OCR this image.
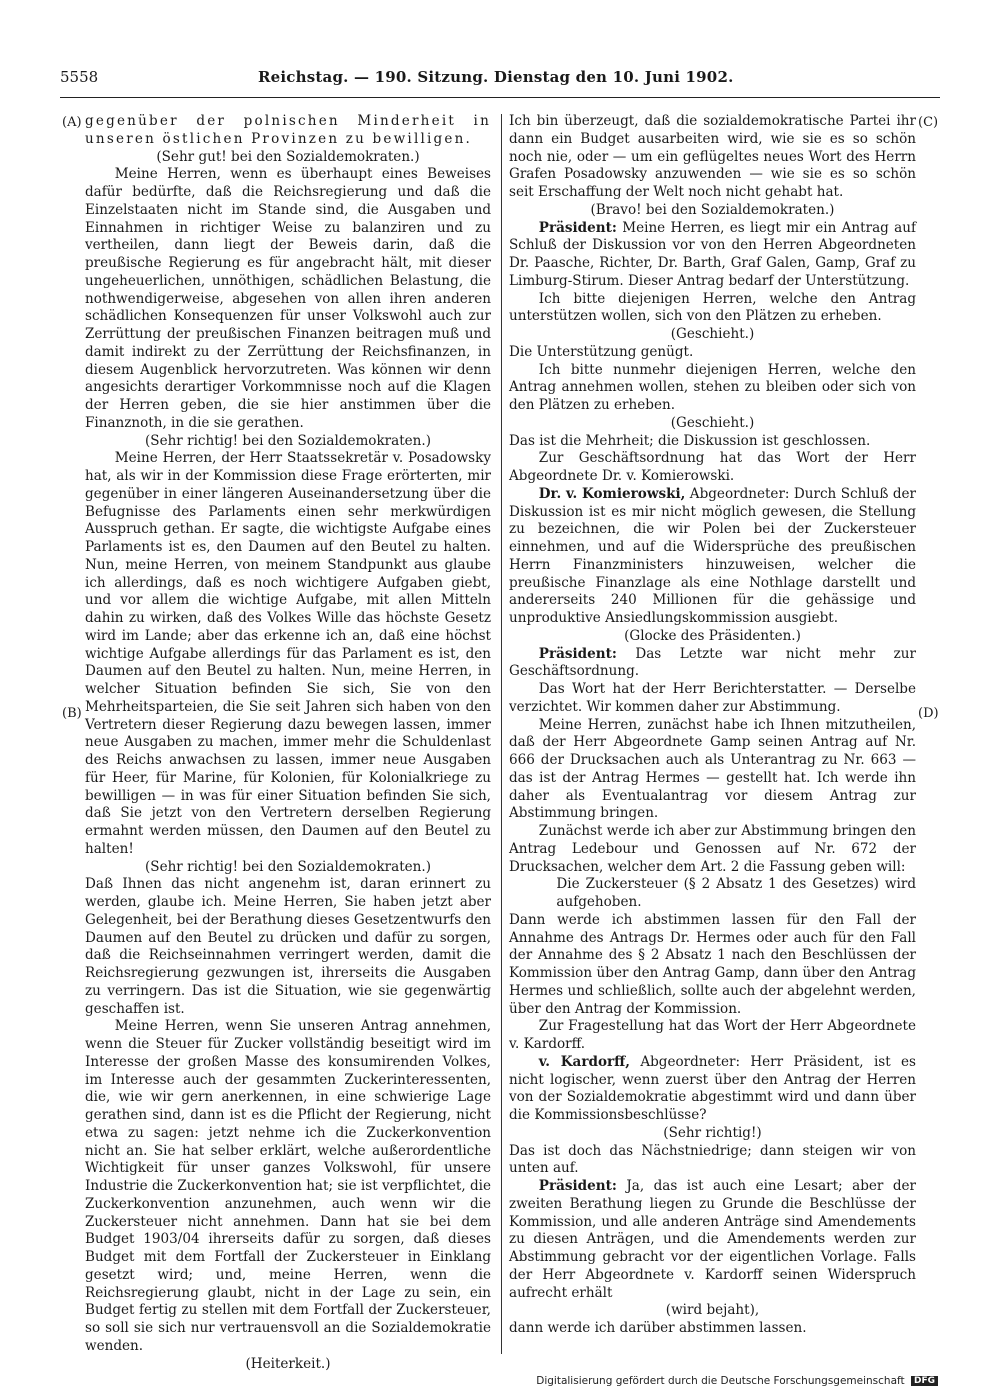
5558	Reichstag. — 190. Sitzung. Dienstag den 10. Juni 1902.
(A)
(B)
(C)
(D)

gegenüber der polnischen Minderheit in unseren östlichen Provinzen zu bewilligen.

(Sehr gut! bei den Sozialdemokraten.)

Meine Herren, wenn es überhaupt eines Beweises dafür bedürfte, daß die Reichsregierung und daß die Einzelstaaten nicht im Stande sind, die Ausgaben und Einnahmen in richtiger Weise zu balanziren und zu vertheilen, dann liegt der Beweis darin, daß die preußische Regierung es für angebracht hält, mit dieser ungeheuerlichen, unnöthigen, schädlichen Belastung, die nothwendigerweise, abgesehen von allen ihren anderen schädlichen Konsequenzen für unser Volkswohl auch zur Zerrüttung der preußischen Finanzen beitragen muß und damit indirekt zu der Zerrüttung der Reichsfinanzen, in diesem Augenblick hervorzutreten. Was können wir denn angesichts derartiger Vorkommnisse noch auf die Klagen der Herren geben, die sie hier anstimmen über die Finanznoth, in die sie gerathen.

(Sehr richtig! bei den Sozialdemokraten.)

Meine Herren, der Herr Staatssekretär v. Posadowsky hat, als wir in der Kommission diese Frage erörterten, mir gegenüber in einer längeren Auseinandersetzung über die Befugnisse des Parlaments einen sehr merkwürdigen Ausspruch gethan. Er sagte, die wichtigste Aufgabe eines Parlaments ist es, den Daumen auf den Beutel zu halten. Nun, meine Herren, von meinem Standpunkt aus glaube ich allerdings, daß es noch wichtigere Aufgaben giebt, und vor allem die wichtige Aufgabe, mit allen Mitteln dahin zu wirken, daß des Volkes Wille das höchste Gesetz wird im Lande; aber das erkenne ich an, daß eine höchst wichtige Aufgabe allerdings für das Parlament es ist, den Daumen auf den Beutel zu halten. Nun, meine Herren, in welcher Situation befinden Sie sich, Sie von den Mehrheitsparteien, die Sie seit Jahren sich haben von den Vertretern dieser Regierung dazu bewegen lassen, immer neue Ausgaben zu machen, immer mehr die Schuldenlast des Reichs anwachsen zu lassen, immer neue Ausgaben für Heer, für Marine, für Kolonien, für Kolonialkriege zu bewilligen — in was für einer Situation befinden Sie sich, daß Sie jetzt von den Vertretern derselben Regierung ermahnt werden müssen, den Daumen auf den Beutel zu halten!

(Sehr richtig! bei den Sozialdemokraten.)

Daß Ihnen das nicht angenehm ist, daran erinnert zu werden, glaube ich. Meine Herren, Sie haben jetzt aber Gelegenheit, bei der Berathung dieses Gesetzentwurfs den Daumen auf den Beutel zu drücken und dafür zu sorgen, daß die Reichseinnahmen verringert werden, damit die Reichsregierung gezwungen ist, ihrerseits die Ausgaben zu verringern. Das ist die Situation, wie sie gegenwärtig geschaffen ist.

Meine Herren, wenn Sie unseren Antrag annehmen, wenn die Steuer für Zucker vollständig beseitigt wird im Interesse der großen Masse des konsumirenden Volkes, im Interesse auch der gesammten Zuckerinteressenten, die, wie wir gern anerkennen, in eine schwierige Lage gerathen sind, dann ist es die Pflicht der Regierung, nicht etwa zu sagen: jetzt nehme ich die Zuckerkonvention nicht an. Sie hat selber erklärt, welche außerordentliche Wichtigkeit für unser ganzes Volkswohl, für unsere Industrie die Zuckerkonvention hat; sie ist verpflichtet, die Zuckerkonvention anzunehmen, auch wenn wir die Zuckersteuer nicht annehmen. Dann hat sie bei dem Budget 1903/04 ihrerseits dafür zu sorgen, daß dieses Budget mit dem Fortfall der Zuckersteuer in Einklang gesetzt wird; und, meine Herren, wenn die Reichsregierung glaubt, nicht in der Lage zu sein, ein Budget fertig zu stellen mit dem Fortfall der Zuckersteuer, so soll sie sich nur vertrauensvoll an die Sozialdemokratie wenden.

(Heiterkeit.)

Ich bin überzeugt, daß die sozialdemokratische Partei ihr dann ein Budget ausarbeiten wird, wie sie es so schön noch nie, oder — um ein geflügeltes neues Wort des Herrn Grafen Posadowsky anzuwenden — wie sie es so schön seit Erschaffung der Welt noch nicht gehabt hat.

(Bravo! bei den Sozialdemokraten.)

Präsident: Meine Herren, es liegt mir ein Antrag auf Schluß der Diskussion vor von den Herren Abgeordneten Dr. Paasche, Richter, Dr. Barth, Graf Galen, Gamp, Graf zu Limburg-Stirum. Dieser Antrag bedarf der Unterstützung.

Ich bitte diejenigen Herren, welche den Antrag unterstützen wollen, sich von den Plätzen zu erheben.

(Geschieht.)

Die Unterstützung genügt.

Ich bitte nunmehr diejenigen Herren, welche den Antrag annehmen wollen, stehen zu bleiben oder sich von den Plätzen zu erheben.

(Geschieht.)

Das ist die Mehrheit; die Diskussion ist geschlossen.

Zur Geschäftsordnung hat das Wort der Herr Abgeordnete Dr. v. Komierowski.

Dr. v. Komierowski, Abgeordneter: Durch Schluß der Diskussion ist es mir nicht möglich gewesen, die Stellung zu bezeichnen, die wir Polen bei der Zuckersteuer einnehmen, und auf die Widersprüche des preußischen Herrn Finanzministers hinzuweisen, welcher die preußische Finanzlage als eine Nothlage darstellt und andererseits 240 Millionen für die gehässige und unproduktive Ansiedlungskommission ausgiebt.

(Glocke des Präsidenten.)

Präsident: Das Letzte war nicht mehr zur Geschäftsordnung.

Das Wort hat der Herr Berichterstatter. — Derselbe verzichtet. Wir kommen daher zur Abstimmung.

Meine Herren, zunächst habe ich Ihnen mitzutheilen, daß der Herr Abgeordnete Gamp seinen Antrag auf Nr. 666 der Drucksachen auch als Unterantrag zu Nr. 663 — das ist der Antrag Hermes — gestellt hat. Ich werde ihn daher als Eventualantrag vor diesem Antrag zur Abstimmung bringen.

Zunächst werde ich aber zur Abstimmung bringen den Antrag Ledebour und Genossen auf Nr. 672 der Drucksachen, welcher dem Art. 2 die Fassung geben will:

Die Zuckersteuer (§ 2 Absatz 1 des Gesetzes) wird aufgehoben.

Dann werde ich abstimmen lassen für den Fall der Annahme des Antrags Dr. Hermes oder auch für den Fall der Annahme des § 2 Absatz 1 nach den Beschlüssen der Kommission über den Antrag Gamp, dann über den Antrag Hermes und schließlich, sollte auch der abgelehnt werden, über den Antrag der Kommission.

Zur Fragestellung hat das Wort der Herr Abgeordnete v. Kardorff.

v. Kardorff, Abgeordneter: Herr Präsident, ist es nicht logischer, wenn zuerst über den Antrag der Herren von der Sozialdemokratie abgestimmt wird und dann über die Kommissionsbeschlüsse?

(Sehr richtig!)

Das ist doch das Nächstniedrige; dann steigen wir von unten auf.

Präsident: Ja, das ist auch eine Lesart; aber der zweiten Berathung liegen zu Grunde die Beschlüsse der Kommission, und alle anderen Anträge sind Amendements zu diesen Anträgen, und die Amendements werden zur Abstimmung gebracht vor der eigentlichen Vorlage. Falls der Herr Abgeordnete v. Kardorff seinen Widerspruch aufrecht erhält

(wird bejaht),

dann werde ich darüber abstimmen lassen.

Digitalisierung gefördert durch die Deutsche Forschungsgemeinschaft DFG
